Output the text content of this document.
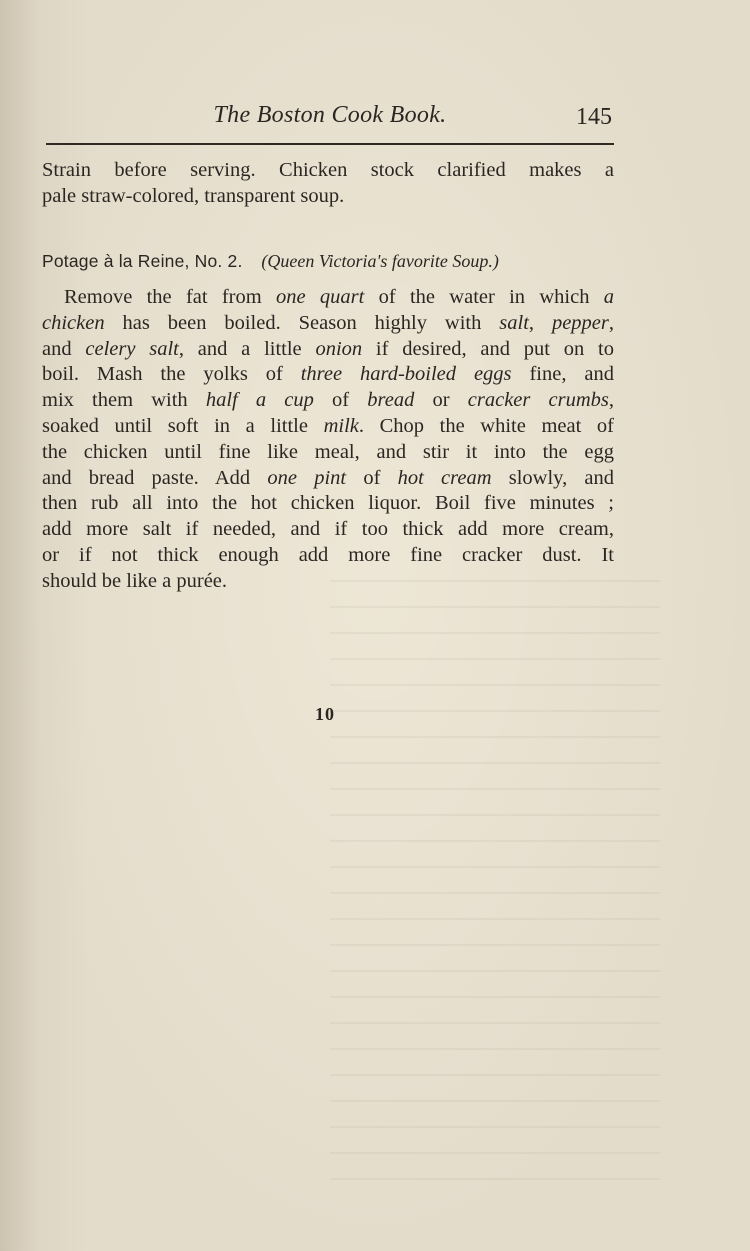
The Boston Cook Book.	145
Strain before serving. Chicken stock clarified makes a
pale straw-colored, transparent soup.
Potage à la Reine, No. 2. (Queen Victoria's favorite Soup.)
Remove the fat from one quart of the water in which a
chicken has been boiled. Season highly with salt, pepper,
and celery salt, and a little onion if desired, and put on to
boil. Mash the yolks of three hard-boiled eggs fine, and
mix them with half a cup of bread or cracker crumbs,
soaked until soft in a little milk. Chop the white meat of
the chicken until fine like meal, and stir it into the egg
and bread paste. Add one pint of hot cream slowly, and
then rub all into the hot chicken liquor. Boil five minutes ;
add more salt if needed, and if too thick add more cream,
or if not thick enough add more fine cracker dust. It
should be like a purée.
10
